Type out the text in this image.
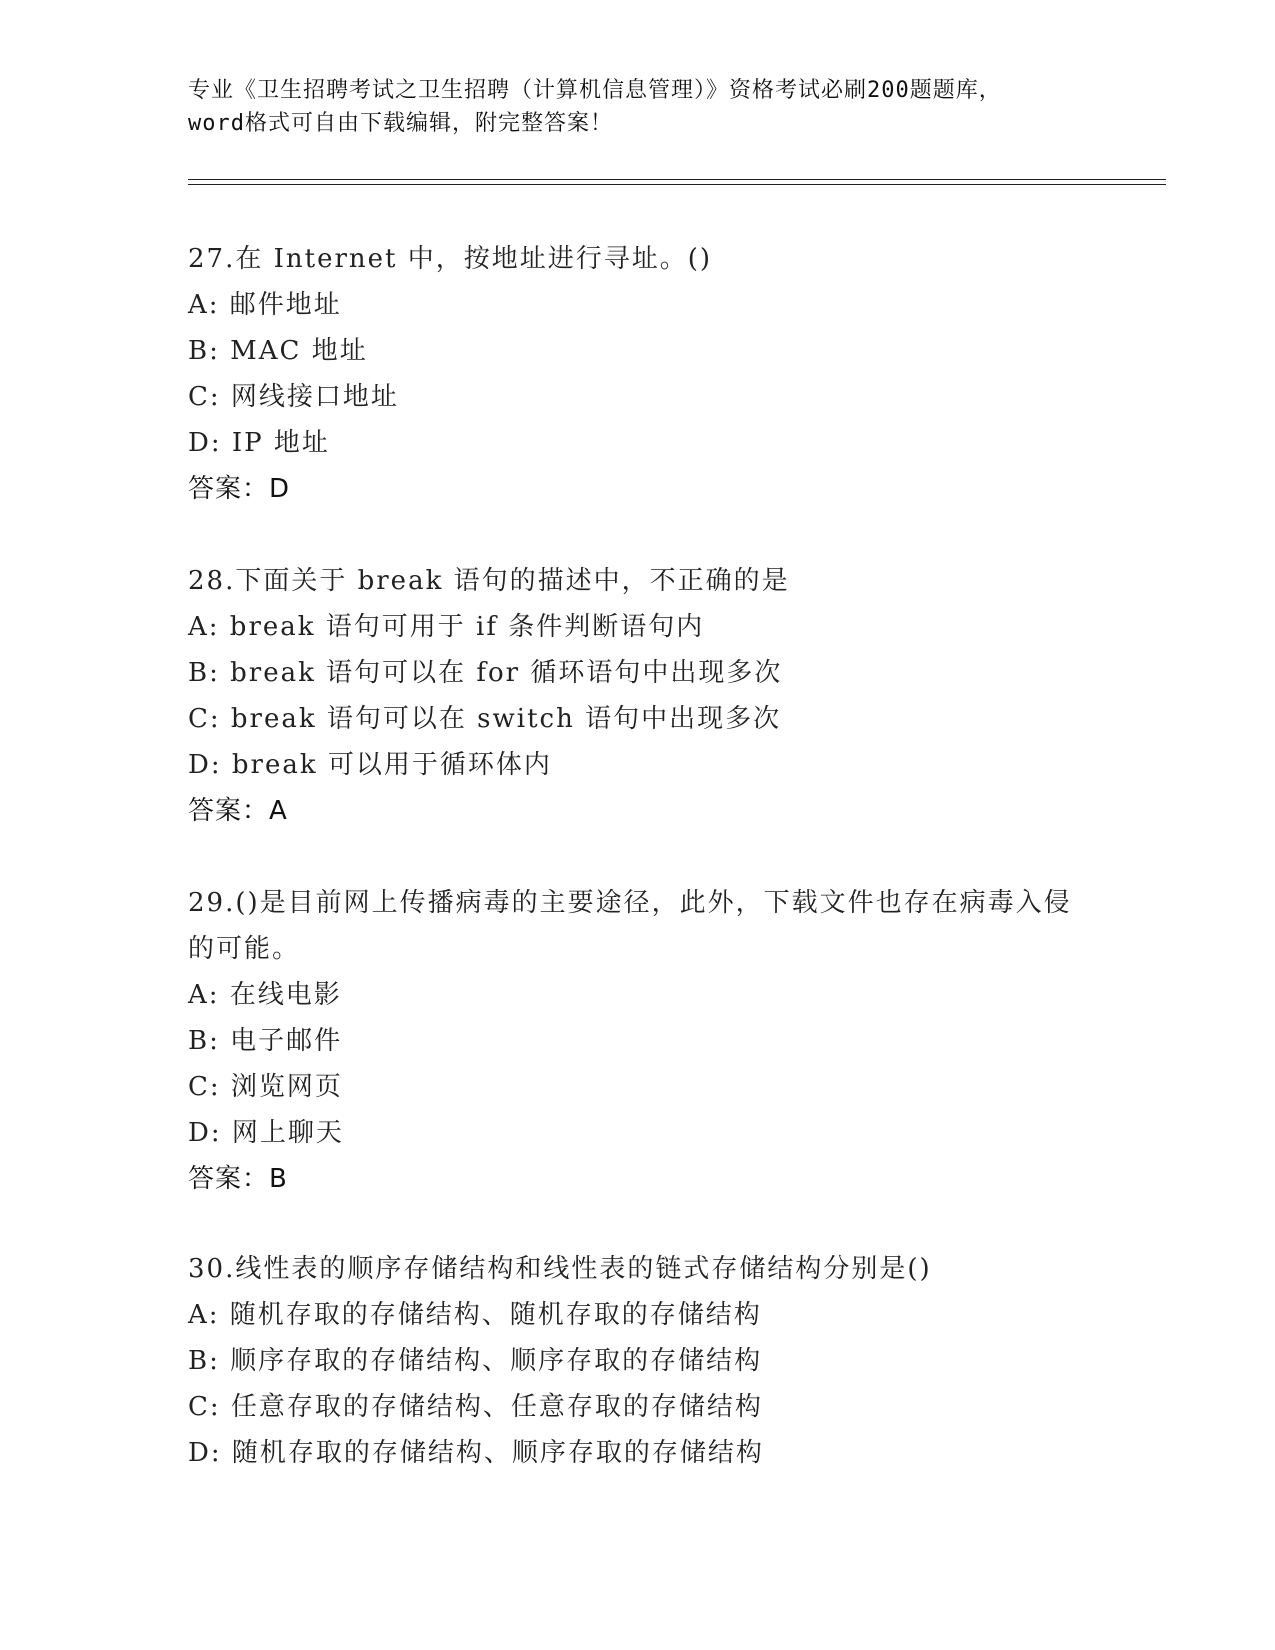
专业《卫生招聘考试之卫生招聘（计算机信息管理）》资格考试必刷200题题库，
word格式可自由下载编辑，附完整答案！
27.在 Internet 中，按地址进行寻址。()
A: 邮件地址
B: MAC 地址
C: 网线接口地址
D: IP 地址
答案：D
28.下面关于 break 语句的描述中，不正确的是
A: break 语句可用于 if 条件判断语句内
B: break 语句可以在 for 循环语句中出现多次
C: break 语句可以在 switch 语句中出现多次
D: break 可以用于循环体内
答案：A
29.()是目前网上传播病毒的主要途径，此外，下载文件也存在病毒入侵的可能。
A: 在线电影
B: 电子邮件
C: 浏览网页
D: 网上聊天
答案：B
30.线性表的顺序存储结构和线性表的链式存储结构分别是()
A: 随机存取的存储结构、随机存取的存储结构
B: 顺序存取的存储结构、顺序存取的存储结构
C: 任意存取的存储结构、任意存取的存储结构
D: 随机存取的存储结构、顺序存取的存储结构
